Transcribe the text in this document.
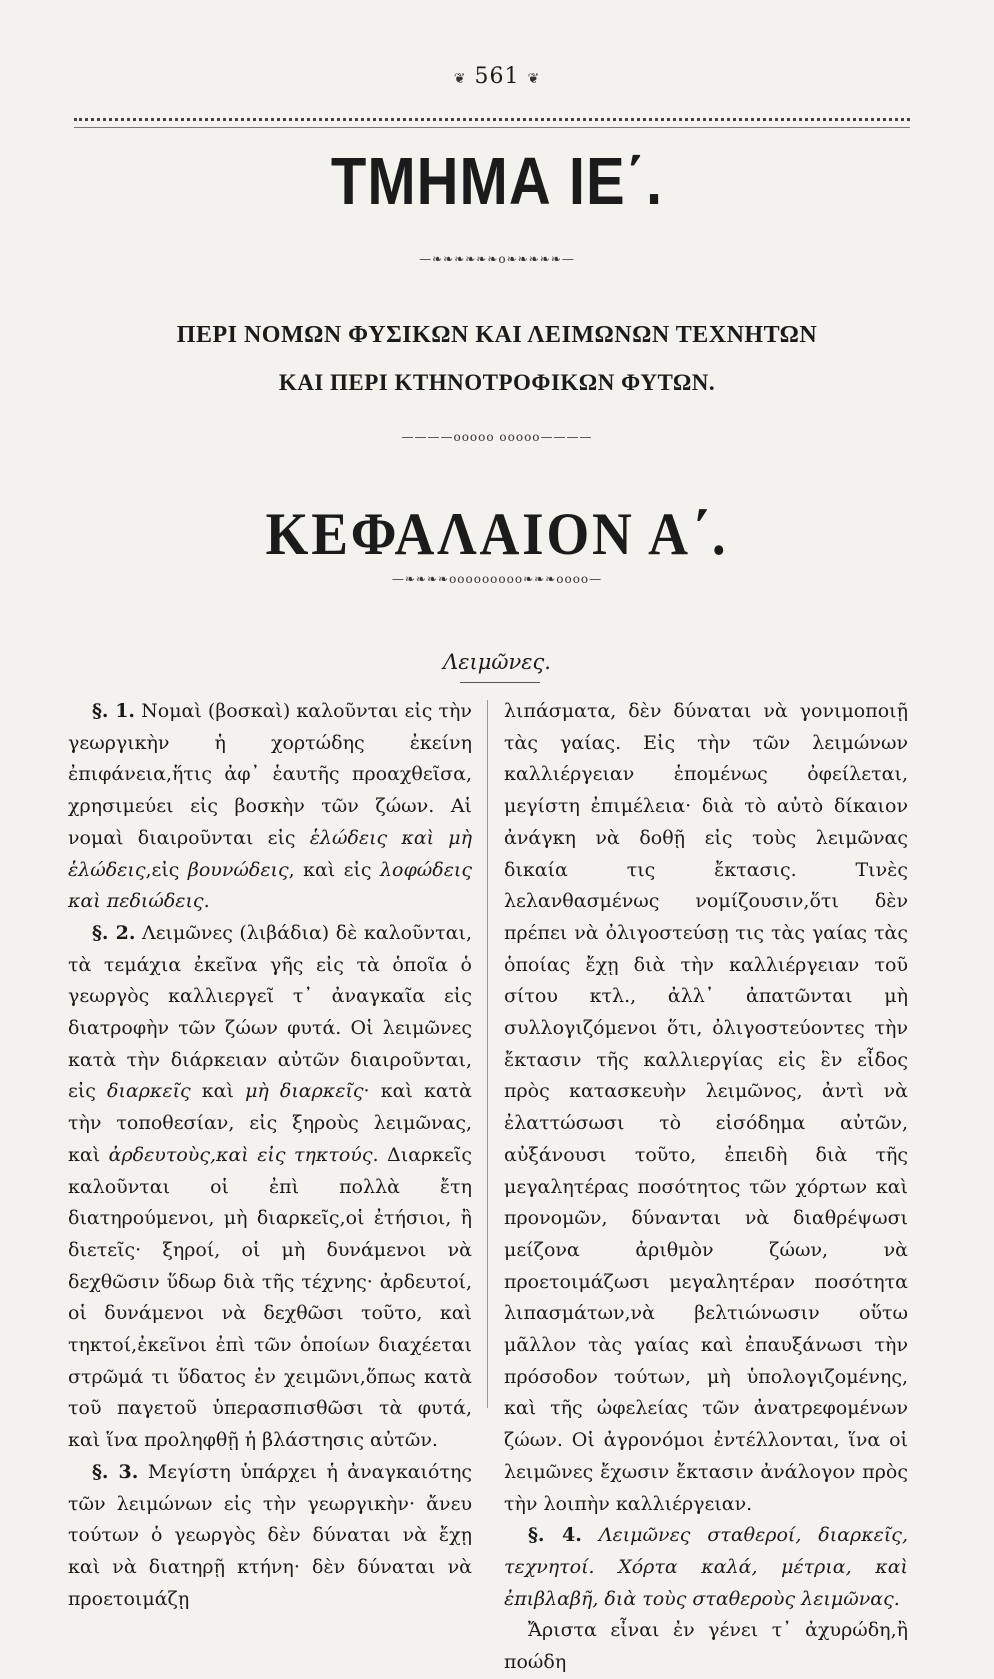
❦ 561 ❦
ΤΜΗΜΑ ΙΕ΄.
—❧❧❧❧❧❧o❧❧❧❧❧—
ΠΕΡΙ ΝΟΜΩΝ ΦΥΣΙΚΩΝ ΚΑΙ ΛΕΙΜΩΝΩΝ ΤΕΧΝΗΤΩΝ
ΚΑΙ ΠΕΡΙ ΚΤΗΝΟΤΡΟΦΙΚΩΝ ΦΥΤΩΝ.
————ooooo ooooo————
ΚΕΦΑΛΑΙΟΝ Α΄.
—❧❧❧❧ooooooooo❧❧❧oooo—
Λειμῶνες.

§. 1. Νομαὶ (βοσκαὶ) καλοῦνται εἰς τὴν γεωργικὴν ἡ χορτώδης ἐκείνη ἐπιφάνεια,ἥτις ἀφ᾿ ἑαυτῆς προαχθεῖσα, χρησιμεύει εἰς βοσκὴν τῶν ζώων. Αἱ νομαὶ διαιροῦνται εἰς ἑλώδεις καὶ μὴ ἑλώδεις,εἰς βουνώδεις, καὶ εἰς λοφώδεις καὶ πεδιώδεις.

§. 2. Λειμῶνες (λιβάδια) δὲ καλοῦνται, τὰ τεμάχια ἐκεῖνα γῆς εἰς τὰ ὁποῖα ὁ γεωργὸς καλλιεργεῖ τ᾿ ἀναγκαῖα εἰς διατροφὴν τῶν ζώων φυτά. Οἱ λειμῶνες κατὰ τὴν διάρκειαν αὐτῶν διαιροῦνται, εἰς διαρκεῖς καὶ μὴ διαρκεῖς· καὶ κατὰ τὴν τοποθεσίαν, εἰς ξηροὺς λειμῶνας, καὶ ἀρδευτοὺς,καὶ εἰς τηκτούς. Διαρκεῖς καλοῦνται οἱ ἐπὶ πολλὰ ἔτη διατηρούμενοι, μὴ διαρκεῖς,οἱ ἐτήσιοι, ἢ διετεῖς· ξηροί, οἱ μὴ δυνάμενοι νὰ δεχθῶσιν ὕδωρ διὰ τῆς τέχνης· ἀρδευτοί, οἱ δυνάμενοι νὰ δεχθῶσι τοῦτο, καὶ τηκτοί,ἐκεῖνοι ἐπὶ τῶν ὁποίων διαχέεται στρῶμά τι ὕδατος ἐν χειμῶνι,ὅπως κατὰ τοῦ παγετοῦ ὑπερασπισθῶσι τὰ φυτά, καὶ ἵνα προληφθῇ ἡ βλάστησις αὐτῶν.

§. 3. Μεγίστη ὑπάρχει ἡ ἀναγκαιότης τῶν λειμώνων εἰς τὴν γεωργικὴν· ἄνευ τούτων ὁ γεωργὸς δὲν δύναται νὰ ἔχῃ καὶ νὰ διατηρῇ κτήνη· δὲν δύναται νὰ προετοιμάζῃ

λιπάσματα, δὲν δύναται νὰ γονιμοποιῇ τὰς γαίας. Εἰς τὴν τῶν λειμώνων καλλιέργειαν ἑπομένως ὀφείλεται, μεγίστη ἐπιμέλεια· διὰ τὸ αὐτὸ δίκαιον ἀνάγκη νὰ δοθῇ εἰς τοὺς λειμῶνας δικαία τις ἔκτασις. Τινὲς λελανθασμένως νομίζουσιν,ὅτι δὲν πρέπει νὰ ὀλιγοστεύσῃ τις τὰς γαίας τὰς ὁποίας ἔχῃ διὰ τὴν καλλιέργειαν τοῦ σίτου κτλ., ἀλλ᾿ ἀπατῶνται μὴ συλλογιζόμενοι ὅτι, ὀλιγοστεύοντες τὴν ἔκτασιν τῆς καλλιεργίας εἰς ἓν εἶδος πρὸς κατασκευὴν λειμῶνος, ἀντὶ νὰ ἐλαττώσωσι τὸ εἰσόδημα αὐτῶν, αὐξάνουσι τοῦτο, ἐπειδὴ διὰ τῆς μεγαλητέρας ποσότητος τῶν χόρτων καὶ προνομῶν, δύνανται νὰ διαθρέψωσι μείζονα ἀριθμὸν ζώων, νὰ προετοιμάζωσι μεγαλητέραν ποσότητα λιπασμάτων,νὰ βελτιώνωσιν οὕτω μᾶλλον τὰς γαίας καὶ ἐπαυξάνωσι τὴν πρόσοδον τούτων, μὴ ὑπολογιζομένης, καὶ τῆς ὠφελείας τῶν ἀνατρεφομένων ζώων. Οἱ ἀγρονόμοι ἐντέλλονται, ἵνα οἱ λειμῶνες ἔχωσιν ἔκτασιν ἀνάλογον πρὸς τὴν λοιπὴν καλλιέργειαν.

§. 4. Λειμῶνες σταθεροί, διαρκεῖς, τεχνητοί. Χόρτα καλά, μέτρια, καὶ ἐπιβλαβῆ, διὰ τοὺς σταθεροὺς λειμῶνας.

Ἄριστα εἶναι ἐν γένει τ᾿ ἀχυρώδη,ἢ ποώδη
